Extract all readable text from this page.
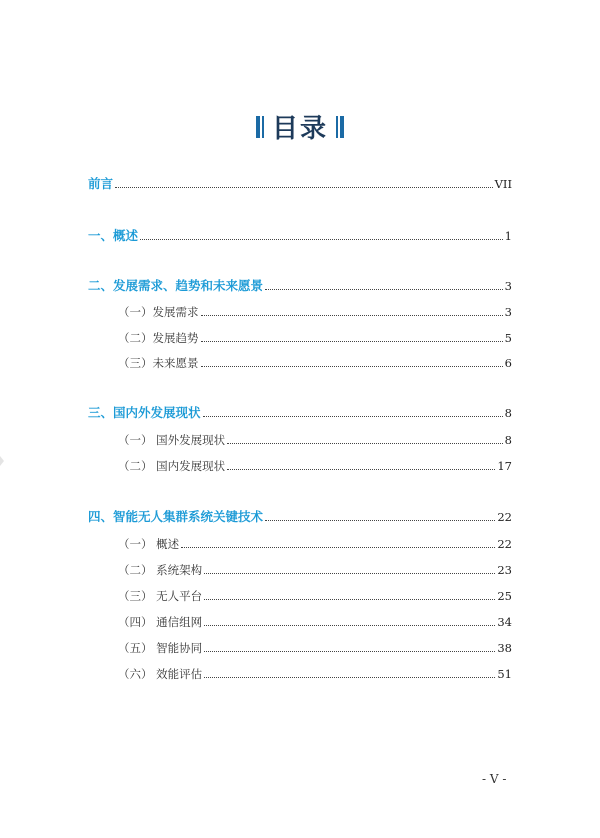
目录
前言	VII
一、概述	1
二、发展需求、趋势和未来愿景	3
（一）发展需求	3
（二）发展趋势	5
（三）未来愿景	6
三、国内外发展现状	8
（一） 国外发展现状	8
（二） 国内发展现状	17
四、智能无人集群系统关键技术	22
（一） 概述	22
（二） 系统架构	23
（三） 无人平台	25
（四） 通信组网	34
（五） 智能协同	38
（六） 效能评估	51
- V -
